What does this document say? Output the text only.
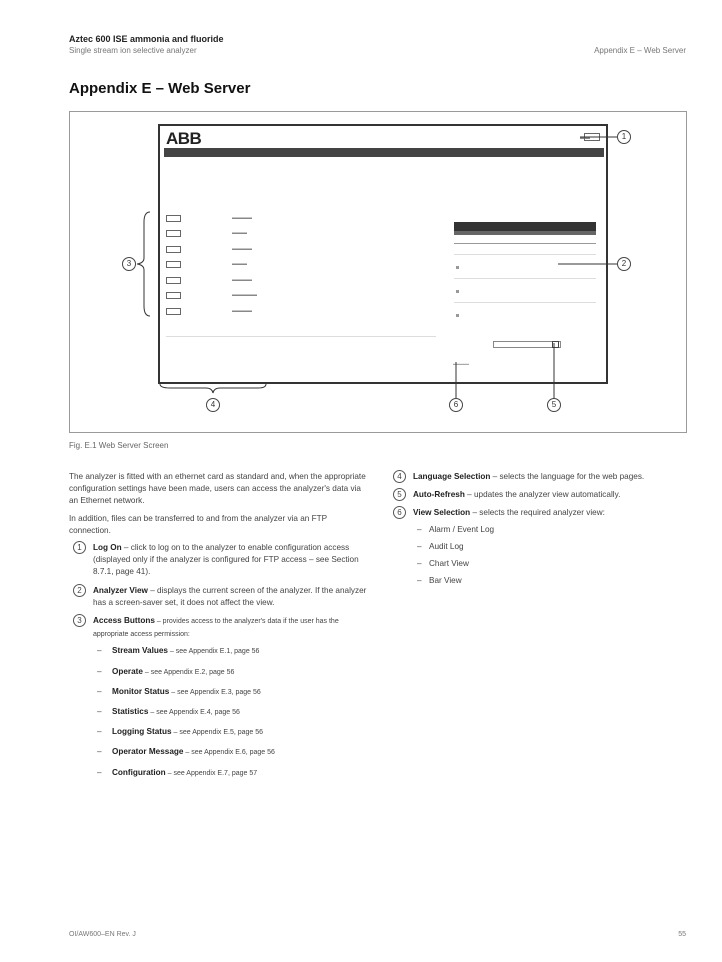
Aztec 600 ISE ammonia and fluoride
Single stream ion selective analyzer	Appendix E – Web Server
Appendix E – Web Server
ABB	▬▬
▬▬▬▬
▬▬▬
▬▬▬▬
▬▬▬
▬▬▬▬
▬▬▬▬▬
▬▬▬▬
▬▬▬▬
1
3	2
4	6	5
Fig. E.1 Web Server Screen

The analyzer is fitted with an ethernet card as standard and, when the appropriate configuration settings have been made, users can access the analyzer's data via an Ethernet network.

In addition, files can be transferred to and from the analyzer via an FTP connection.

1	Log On – click to log on to the analyzer to enable configuration access (displayed only if the analyzer is configured for FTP access – see Section 8.7.1, page 41).
2	Analyzer View – displays the current screen of the analyzer. If the analyzer has a screen-saver set, it does not affect the view.
3	Access Buttons – provides access to the analyzer's data if the user has the appropriate access permission:
– Stream Values – see Appendix E.1, page 56
– Operate – see Appendix E.2, page 56
– Monitor Status – see Appendix E.3, page 56
– Statistics – see Appendix E.4, page 56
– Logging Status – see Appendix E.5, page 56
– Operator Message – see Appendix E.6, page 56
– Configuration – see Appendix E.7, page 57
4	Language Selection – selects the language for the web pages.
5	Auto-Refresh – updates the analyzer view automatically.
6	View Selection – selects the required analyzer view:
– Alarm / Event Log
– Audit Log
– Chart View
– Bar View
OI/AW600–EN Rev. J	55
